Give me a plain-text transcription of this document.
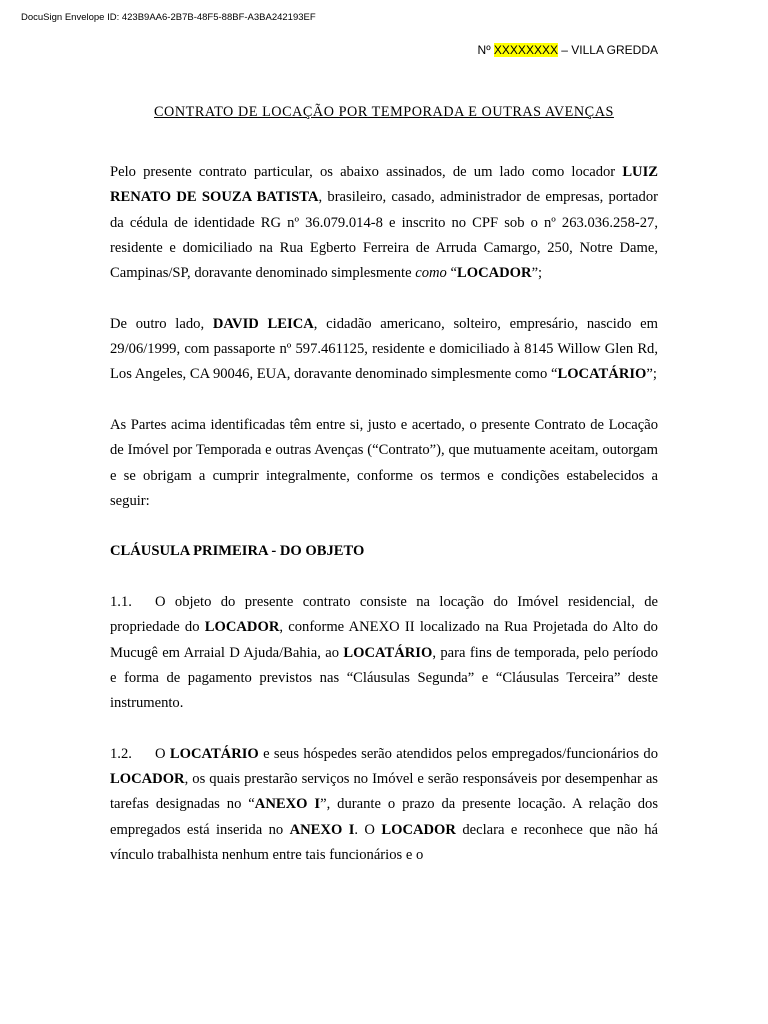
DocuSign Envelope ID: 423B9AA6-2B7B-48F5-88BF-A3BA242193EF
Nº XXXXXXXX – VILLA GREDDA
CONTRATO DE LOCAÇÃO POR TEMPORADA E OUTRAS AVENÇAS

Pelo presente contrato particular, os abaixo assinados, de um lado como locador LUIZ RENATO DE SOUZA BATISTA, brasileiro, casado, administrador de empresas, portador da cédula de identidade RG nº 36.079.014-8 e inscrito no CPF sob o nº 263.036.258-27, residente e domiciliado na Rua Egberto Ferreira de Arruda Camargo, 250, Notre Dame, Campinas/SP, doravante denominado simplesmente como “LOCADOR”;

De outro lado, DAVID LEICA, cidadão americano, solteiro, empresário, nascido em 29/06/1999, com passaporte nº 597.461125, residente e domiciliado à 8145 Willow Glen Rd, Los Angeles, CA 90046, EUA, doravante denominado simplesmente como “LOCATÁRIO”;

As Partes acima identificadas têm entre si, justo e acertado, o presente Contrato de Locação de Imóvel por Temporada e outras Avenças (“Contrato”), que mutuamente aceitam, outorgam e se obrigam a cumprir integralmente, conforme os termos e condições estabelecidos a seguir:

CLÁUSULA PRIMEIRA - DO OBJETO

1.1. O objeto do presente contrato consiste na locação do Imóvel residencial, de propriedade do LOCADOR, conforme ANEXO II localizado na Rua Projetada do Alto do Mucugê em Arraial D Ajuda/Bahia, ao LOCATÁRIO, para fins de temporada, pelo período e forma de pagamento previstos nas “Cláusulas Segunda” e “Cláusulas Terceira” deste instrumento.

1.2. O LOCATÁRIO e seus hóspedes serão atendidos pelos empregados/funcionários do LOCADOR, os quais prestarão serviços no Imóvel e serão responsáveis por desempenhar as tarefas designadas no “ANEXO I”, durante o prazo da presente locação. A relação dos empregados está inserida no ANEXO I. O LOCADOR declara e reconhece que não há vínculo trabalhista nenhum entre tais funcionários e o
